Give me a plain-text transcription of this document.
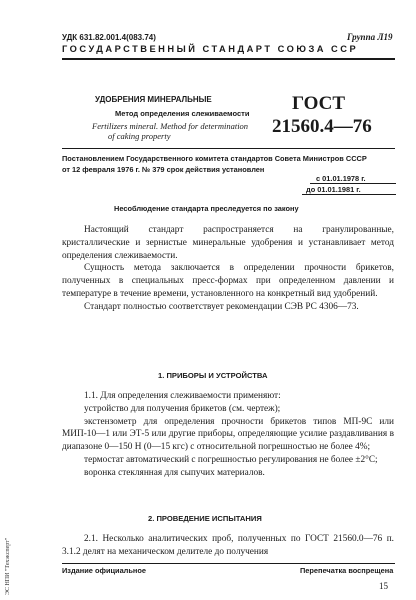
УДК 631.82.001.4(083.74)	Группа Л19
ГОСУДАРСТВЕННЫЙ СТАНДАРТ СОЮЗА ССР
УДОБРЕНИЯ МИНЕРАЛЬНЫЕ
Метод определения слеживаемости
Fertilizers mineral. Method for determination
of caking property
ГОСТ
21560.4—76
Постановлением Государственного комитета стандартов Совета Министров СССР
от 12 февраля 1976 г. № 379 срок действия установлен
с 01.01.1978 г.
до 01.01.1981 г.
Несоблюдение стандарта преследуется по закону

Настоящий стандарт распространяется на гранулированные, кристаллические и зернистые минеральные удобрения и устанавливает метод определения слеживаемости.

Сущность метода заключается в определении прочности брикетов, полученных в специальных пресс-формах при определенном давлении и температуре в течение времени, установленного на конкретный вид удобрений.

Стандарт полностью соответствует рекомендации СЭВ РС 4306—73.

1. ПРИБОРЫ И УСТРОЙСТВА

1.1. Для определения слеживаемости применяют:

устройство для получения брикетов (см. чертеж);

экстензометр для определения прочности брикетов типов МП-9С или МИП-10—1 или ЭТ-5 или другие приборы, определяющие усилие раздавливания в диапазоне 0—150 Н (0—15 кгс) с относительной погрешностью не более 4%;

термостат автоматический с погрешностью регулирования не более ±2°С;

воронка стеклянная для сыпучих материалов.

2. ПРОВЕДЕНИЕ ИСПЫТАНИЯ

2.1. Несколько аналитических проб, полученных по ГОСТ 21560.0—76 п. 3.1.2 делят на механическом делителе до получения

Издание официальное	Перепечатка воспрещена
15
ЭС НПИ "Техэксперт"
